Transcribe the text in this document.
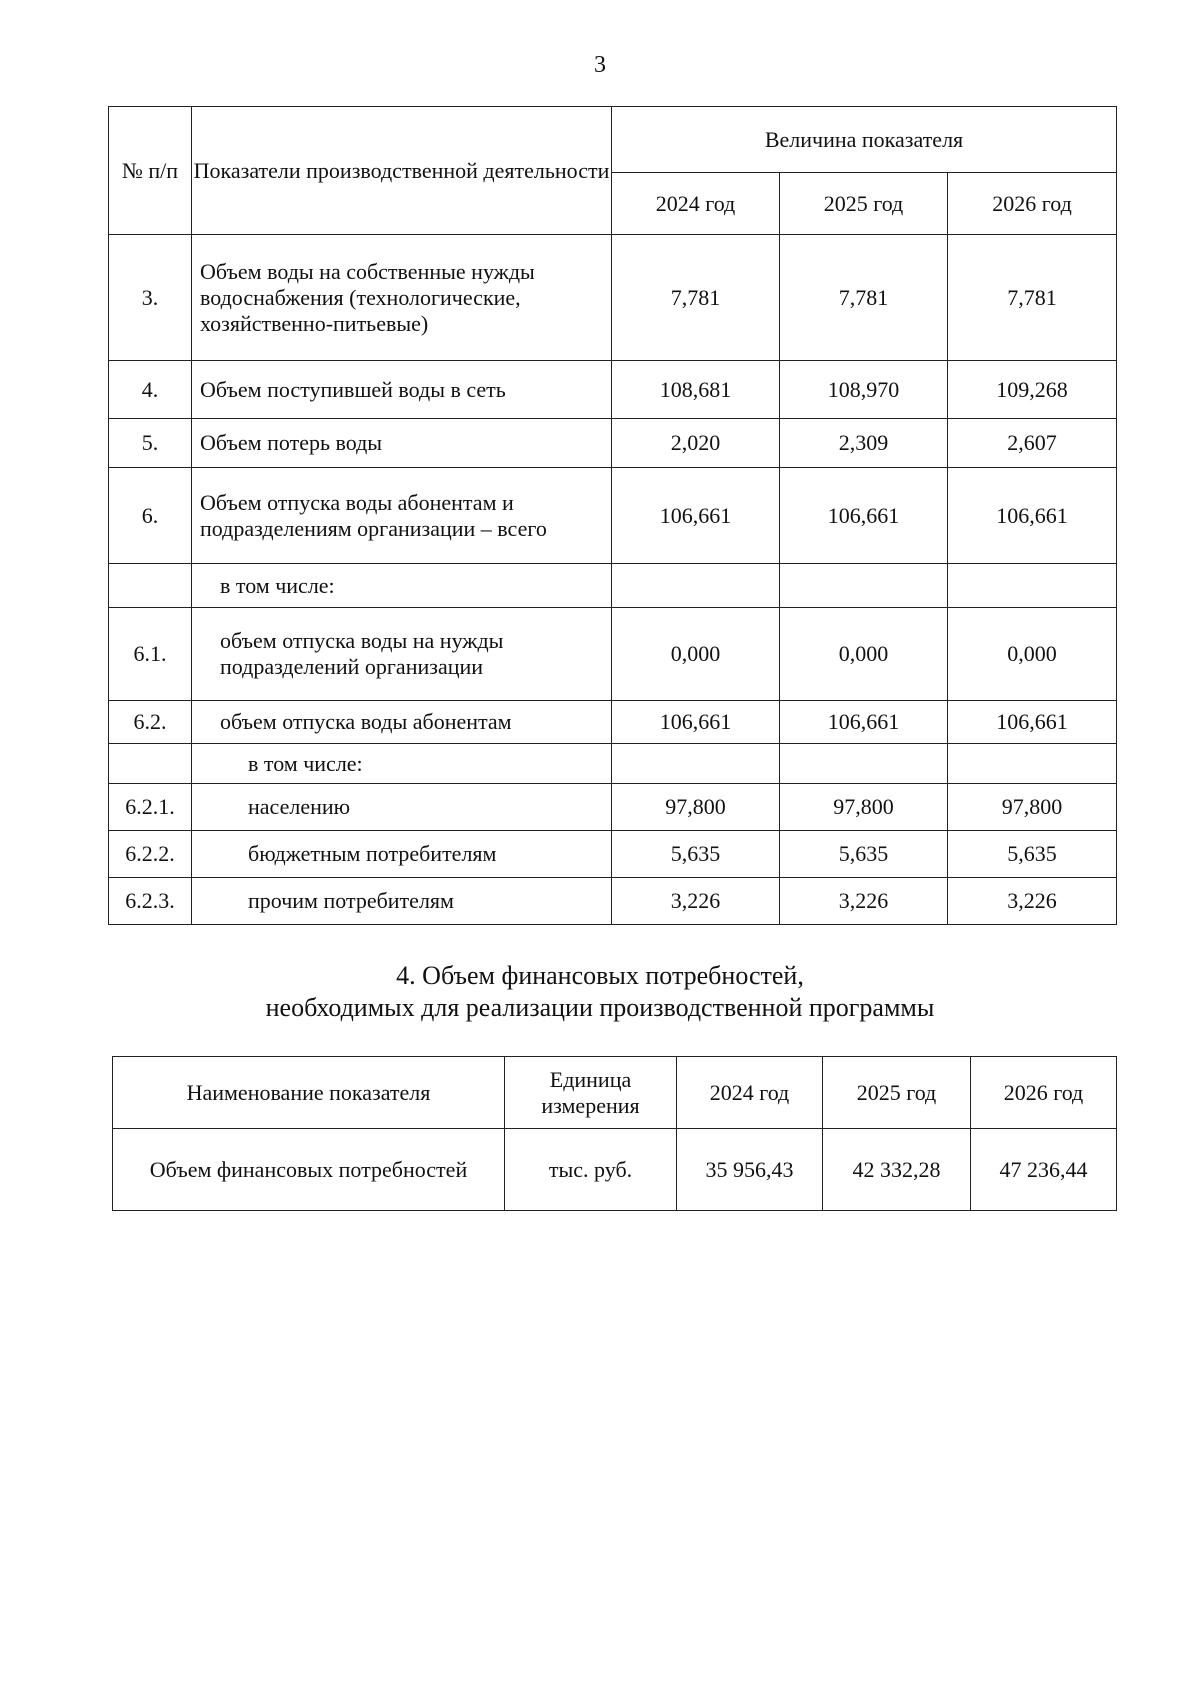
3
№ п/п	Показатели производственной деятельности	Величина показателя		
		2024 год	2025 год	2026 год
3.	Объем воды на собственные нужды водоснабжения (технологические, хозяйственно-питьевые)	7,781	7,781	7,781
4.	Объем поступившей воды в сеть	108,681	108,970	109,268
5.	Объем потерь воды	2,020	2,309	2,607
6.	Объем отпуска воды абонентам и подразделениям организации – всего	106,661	106,661	106,661
	в том числе:			
6.1.	объем отпуска воды на нужды подразделений организации	0,000	0,000	0,000
6.2.	объем отпуска воды абонентам	106,661	106,661	106,661
	в том числе:			
6.2.1.	населению	97,800	97,800	97,800
6.2.2.	бюджетным потребителям	5,635	5,635	5,635
6.2.3.	прочим потребителям	3,226	3,226	3,226
4. Объем финансовых потребностей,
необходимых для реализации производственной программы
Наименование показателя	Единица измерения	2024 год	2025 год	2026 год
Объем финансовых потребностей	тыс. руб.	35 956,43	42 332,28	47 236,44
